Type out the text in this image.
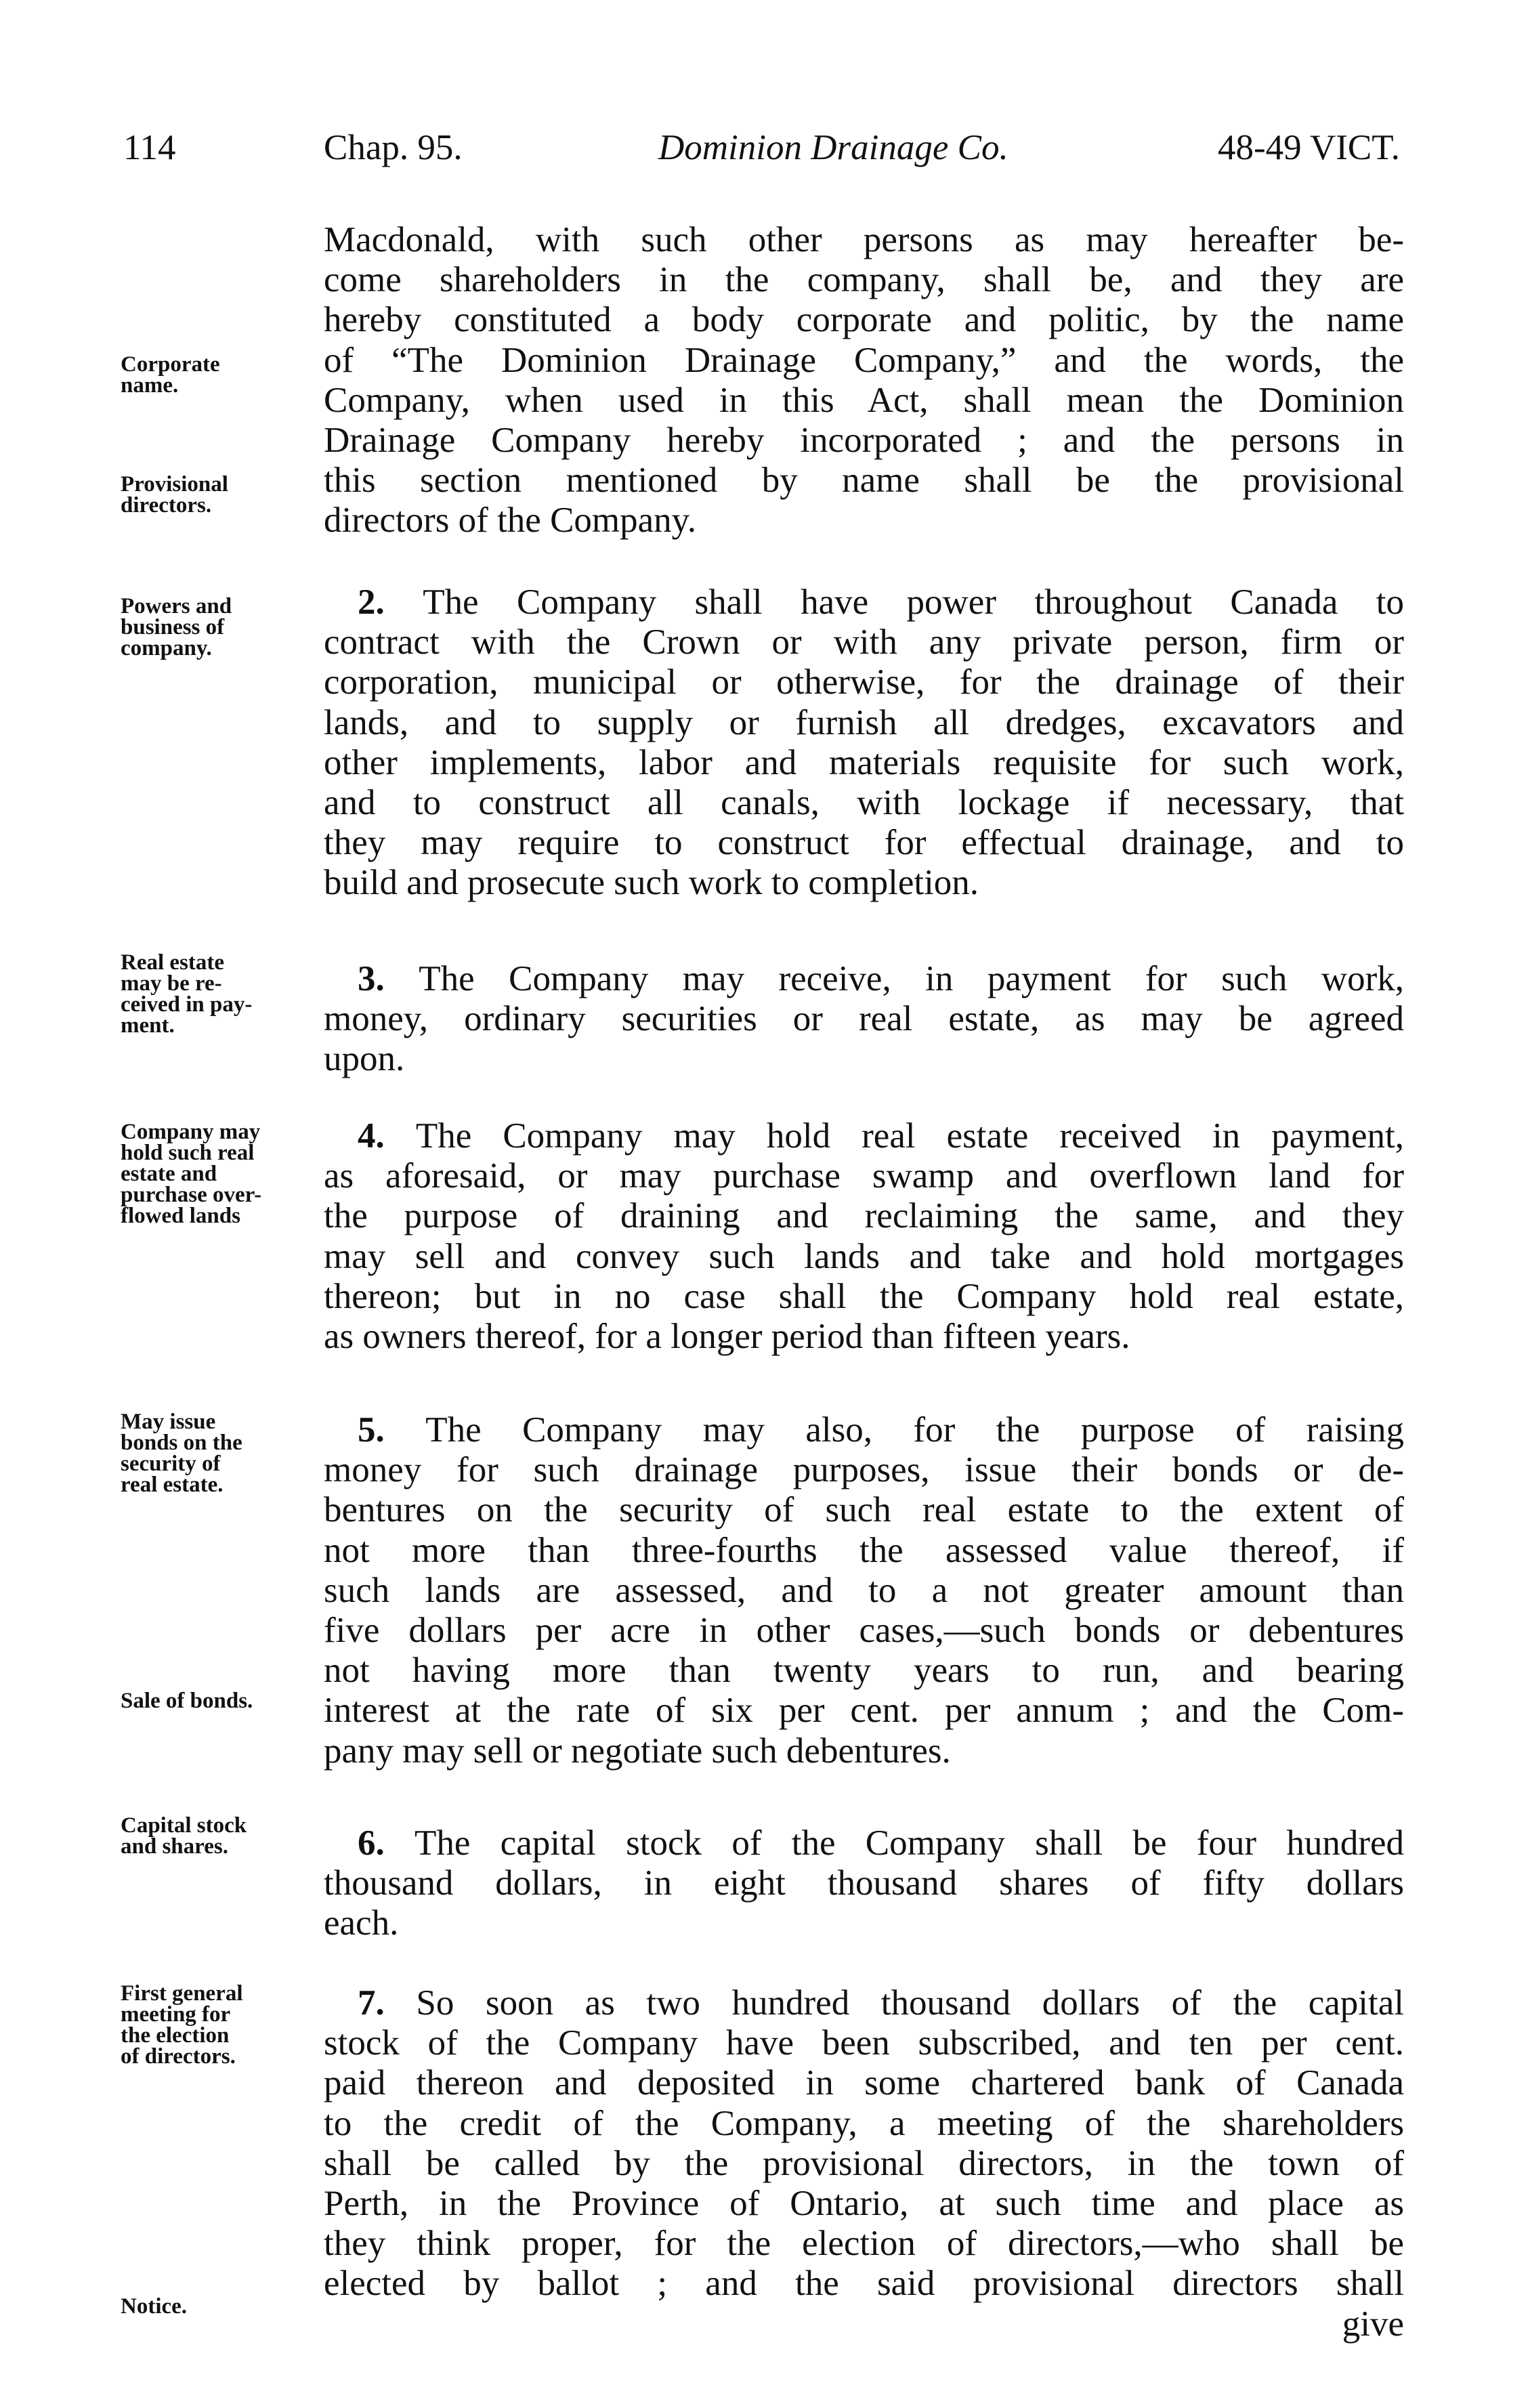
114	Chap. 95.	Dominion Drainage Co.	48-49 VICT.
Macdonald, with such other persons as may hereafter be-
come shareholders in the company, shall be, and they are
hereby constituted a body corporate and politic, by the name
of “The Dominion Drainage Company,” and the words, the
Company, when used in this Act, shall mean the Dominion
Drainage Company hereby incorporated ; and the persons in
this section mentioned by name shall be the provisional
directors of the Company.
Corporate
name.
Provisional
directors.
2. The Company shall have power throughout Canada to
contract with the Crown or with any private person, firm or
corporation, municipal or otherwise, for the drainage of their
lands, and to supply or furnish all dredges, excavators and
other implements, labor and materials requisite for such work,
and to construct all canals, with lockage if necessary, that
they may require to construct for effectual drainage, and to
build and prosecute such work to completion.
Powers and
business of
company.
3. The Company may receive, in payment for such work,
money, ordinary securities or real estate, as may be agreed
upon.
Real estate
may be re-
ceived in pay-
ment.
4. The Company may hold real estate received in payment,
as aforesaid, or may purchase swamp and overflown land for
the purpose of draining and reclaiming the same, and they
may sell and convey such lands and take and hold mortgages
thereon; but in no case shall the Company hold real estate,
as owners thereof, for a longer period than fifteen years.
Company may
hold such real
estate and
purchase over-
flowed lands
5. The Company may also, for the purpose of raising
money for such drainage purposes, issue their bonds or de-
bentures on the security of such real estate to the extent of
not more than three-fourths the assessed value thereof, if
such lands are assessed, and to a not greater amount than
five dollars per acre in other cases,—such bonds or debentures
not having more than twenty years to run, and bearing
interest at the rate of six per cent. per annum ; and the Com-
pany may sell or negotiate such debentures.
May issue
bonds on the
security of
real estate.
Sale of bonds.
6. The capital stock of the Company shall be four hundred
thousand dollars, in eight thousand shares of fifty dollars
each.
Capital stock
and shares.
7. So soon as two hundred thousand dollars of the capital
stock of the Company have been subscribed, and ten per cent.
paid thereon and deposited in some chartered bank of Canada
to the credit of the Company, a meeting of the shareholders
shall be called by the provisional directors, in the town of
Perth, in the Province of Ontario, at such time and place as
they think proper, for the election of directors,—who shall be
elected by ballot ; and the said provisional directors shall
give
First general
meeting for
the election
of directors.
Notice.
